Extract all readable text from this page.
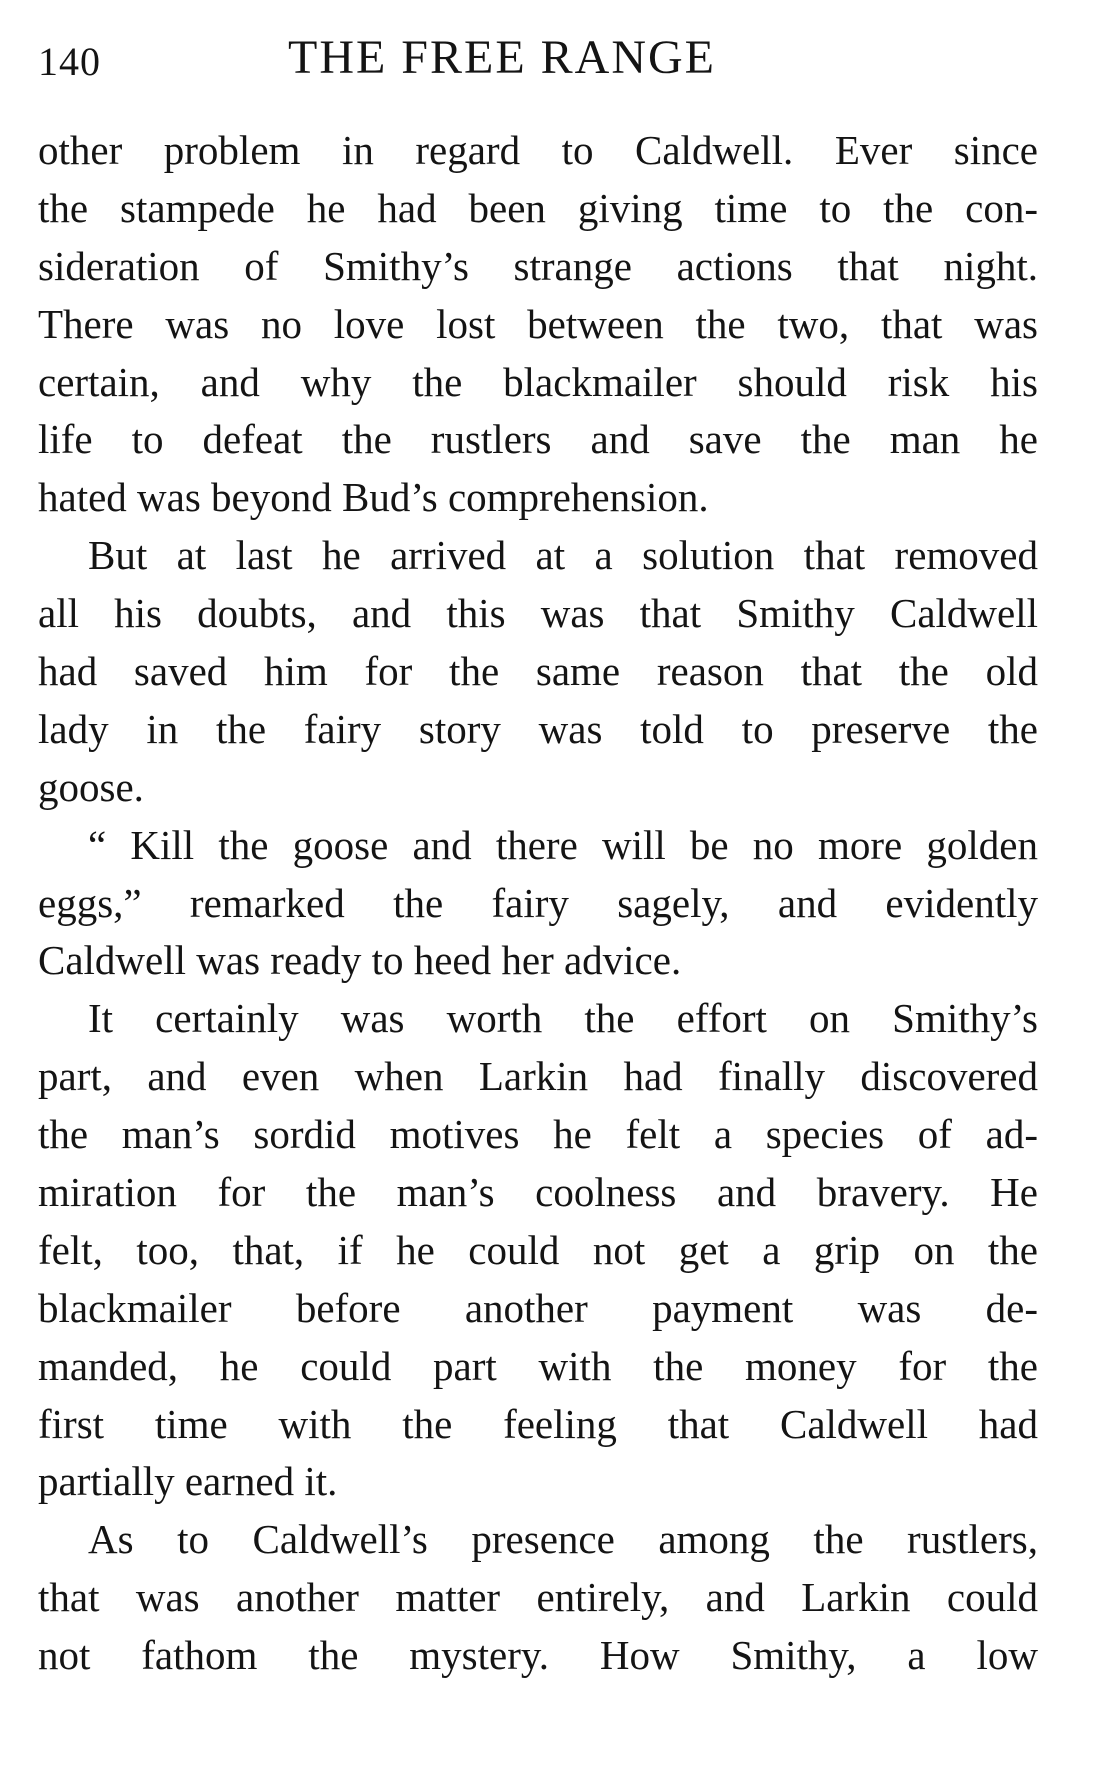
140	THE FREE RANGE
other problem in regard to Caldwell. Ever since
the stampede he had been giving time to the con-
sideration of Smithy’s strange actions that night.
There was no love lost between the two, that was
certain, and why the blackmailer should risk his
life to defeat the rustlers and save the man he
hated was beyond Bud’s comprehension.
But at last he arrived at a solution that removed
all his doubts, and this was that Smithy Caldwell
had saved him for the same reason that the old
lady in the fairy story was told to preserve the
goose.
“ Kill the goose and there will be no more golden
eggs,” remarked the fairy sagely, and evidently
Caldwell was ready to heed her advice.
It certainly was worth the effort on Smithy’s
part, and even when Larkin had finally discovered
the man’s sordid motives he felt a species of ad-
miration for the man’s coolness and bravery. He
felt, too, that, if he could not get a grip on the
blackmailer before another payment was de-
manded, he could part with the money for the
first time with the feeling that Caldwell had
partially earned it.
As to Caldwell’s presence among the rustlers,
that was another matter entirely, and Larkin could
not fathom the mystery. How Smithy, a low
